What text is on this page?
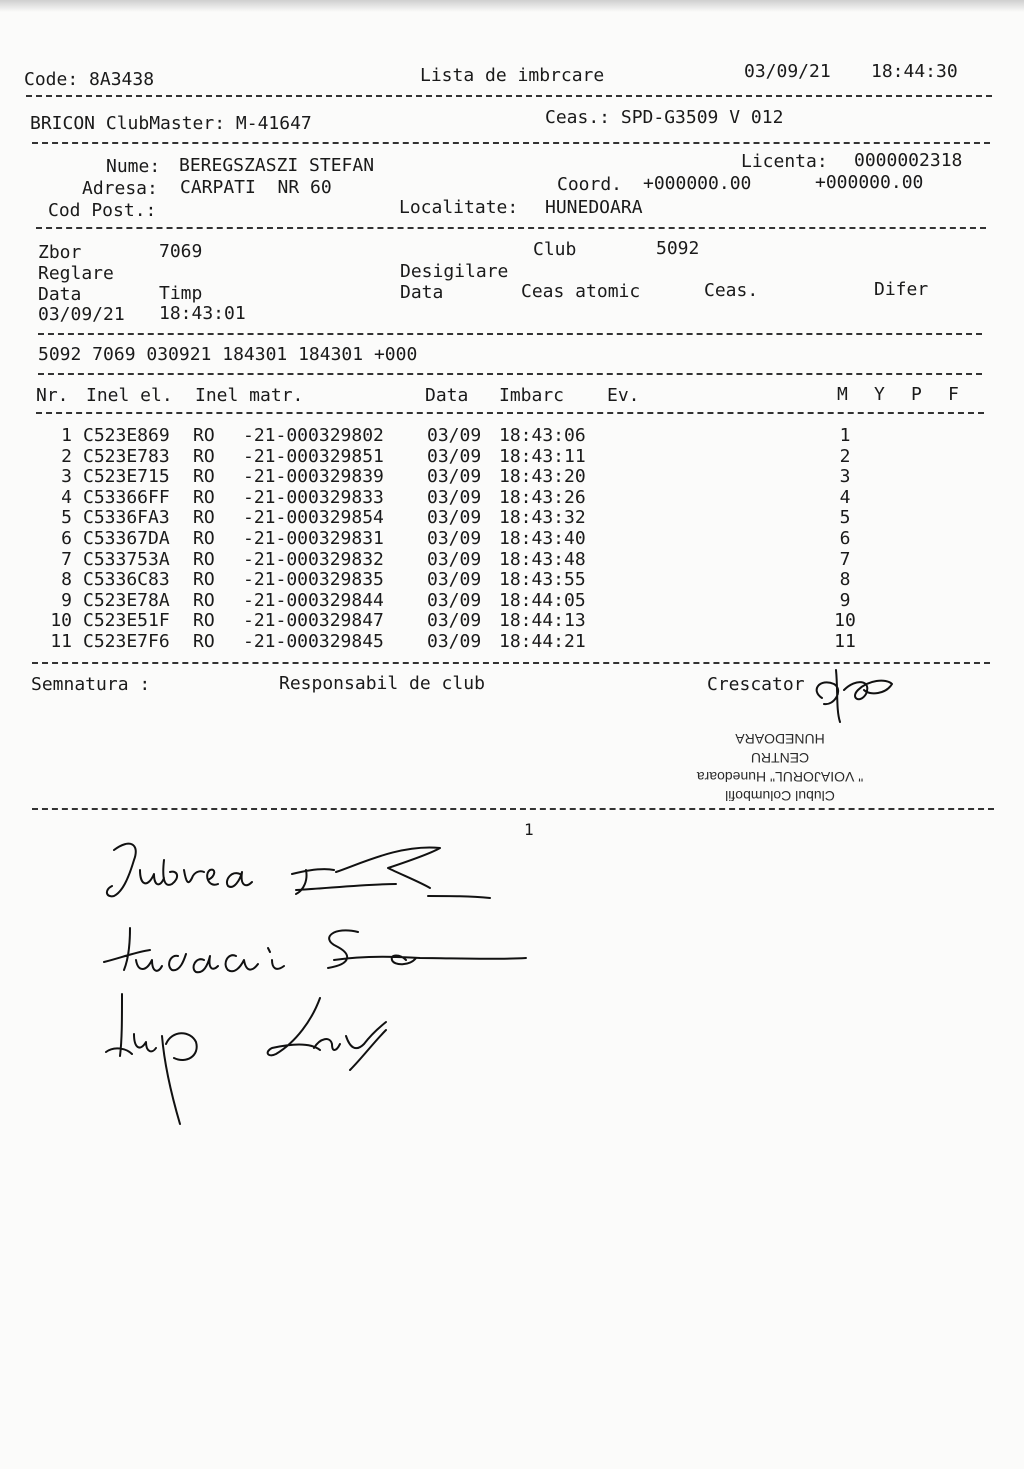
Code: 8A3438	Lista de imbrcare	03/09/21 18:44:30
BRICON ClubMaster: M-41647	Ceas.: SPD-G3509 V 012
Nume: BEREGSZASZI STEFAN	Licenta: 0000002318
Adresa: CARPATI  NR 60	Coord. +000000.00	+000000.00
Cod Post.:	Localitate: HUNEDOARA
Zbor	7069	Club	5092
Reglare	Desigilare
Data	Timp	Data	Ceas atomic	Ceas.	Difer
03/09/21 18:43:01
5092 7069 030921 184301 184301 +000
Nr. Inel el. Inel matr.	Data Imbarc Ev.	M Y P F
1 C523E869 RO -21-000329802 03/09 18:43:06	1
2 C523E783 RO -21-000329851 03/09 18:43:11	2
3 C523E715 RO -21-000329839 03/09 18:43:20	3
4 C53366FF RO -21-000329833 03/09 18:43:26	4
5 C5336FA3 RO -21-000329854 03/09 18:43:32	5
6 C53367DA RO -21-000329831 03/09 18:43:40	6
7 C533753A RO -21-000329832 03/09 18:43:48	7
8 C5336C83 RO -21-000329835 03/09 18:43:55	8
9 C523E78A RO -21-000329844 03/09 18:44:05	9
10 C523E51F RO -21-000329847 03/09 18:44:13	10
11 C523E7F6 RO -21-000329845 03/09 18:44:21	11
Semnatura :	Responsabil de club	Crescator
Clubul Columbofil
" VOIAJORUL" Hunedoara
CENTRU
HUNEDOARA
1
